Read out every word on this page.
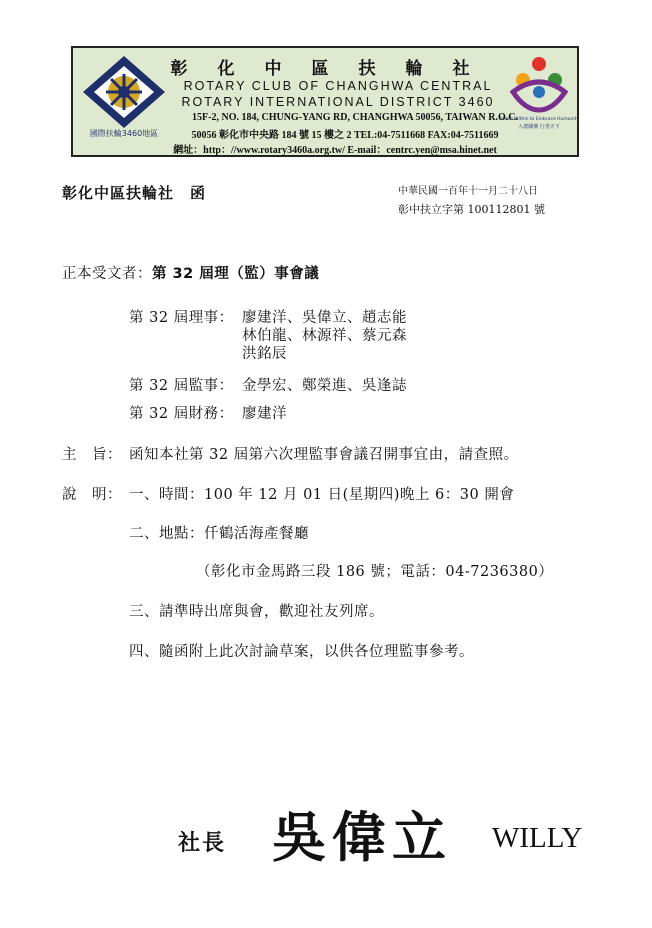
國際扶輪3460地區
彰化中區扶輪社
ROTARY CLUB OF CHANGHWA CENTRAL
ROTARY INTERNATIONAL DISTRICT 3460
Reach Within to Embrace Humanity
入寰關懷 行善天下
15F-2, NO. 184, CHUNG-YANG RD, CHANGHWA 50056, TAIWAN R.O.C.
50056 彰化市中央路 184 號 15 樓之 2 TEL:04-7511668 FAX:04-7511669
網址：http：//www.rotary3460a.org.tw/ E-mail：centrc.yen@msa.hinet.net
彰化中區扶輪社　函	中華民國一百年十一月二十八日
彰中扶立字第 100112801 號
正本受文者：第 32 屆理（監）事會議
第 32 屆理事： 廖建洋、吳偉立、趙志能
林伯龍、林源祥、蔡元森
洪銘辰
第 32 屆監事： 金學宏、鄭榮進、吳逢誌
第 32 屆財務： 廖建洋
主　旨： 函知本社第 32 屆第六次理監事會議召開事宜由，請查照。
說　明： 一、時間：100 年 12 月 01 日(星期四)晚上 6：30 開會
二、地點：仟鶴活海產餐廳
（彰化市金馬路三段 186 號；電話：04-7236380）
三、請準時出席與會，歡迎社友列席。
四、隨函附上此次討論草案，以供各位理監事參考。
社長 吳偉立 WILLY
